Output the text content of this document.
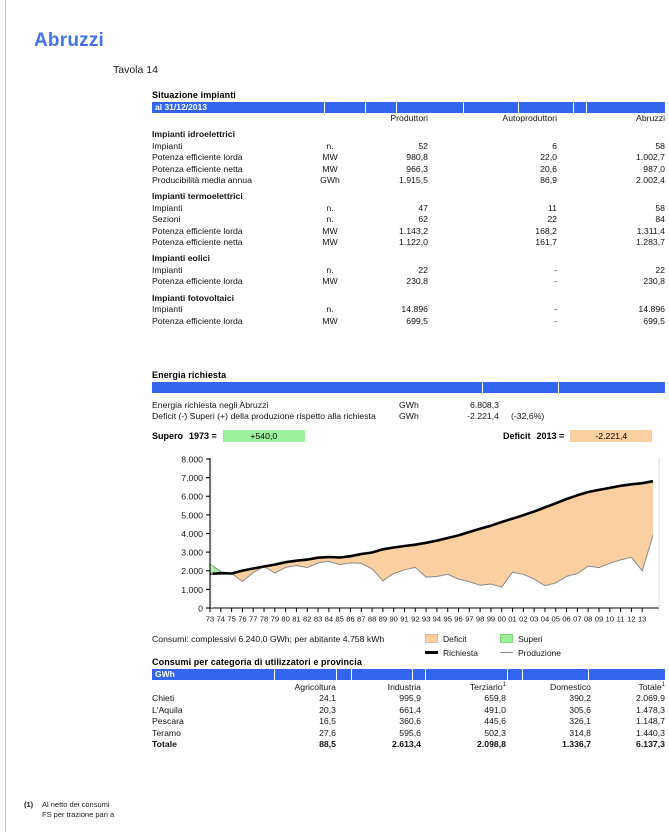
Abruzzi
Tavola 14
Situazione impianti
al 31/12/2013
		Produttori	Autoproduttori	Abruzzi
Impianti idroelettrici				
Impianti	n.	52	6	58
Potenza efficiente lorda	MW	980,8	22,0	1.002,7
Potenza efficiente netta	MW	966,3	20,6	987,0
Producibilità media annua	GWh	1.915,5	86,9	2.002,4
Impianti termoelettrici				
Impianti	n.	47	11	58
Sezioni	n.	62	22	84
Potenza efficiente lorda	MW	1.143,2	168,2	1.311,4
Potenza efficiente netta	MW	1.122,0	161,7	1.283,7
Impianti eolici				
Impianti	n.	22	-	22
Potenza efficiente lorda	MW	230,8	-	230,8
Impianti fotovoltaici				
Impianti	n.	14.896	-	14.896
Potenza efficiente lorda	MW	699,5	-	699,5
Energia richiesta
Energia richiesta negli Abruzzi	GWh	6.808,3
Deficit (-) Superi (+) della produzione rispetto alla richiesta	GWh	-2.221,4	(-32,6%)
Supero 1973 =	+540,0	Deficit 2013 =	-2.221,4
0
1.000
2.000
3.000
4.000
5.000
6.000
7.000
8.000
73 74 75 76 77 78 79 80 81 82 83 84 85 86 87 88 89 90 91 92 93 94 95 96 97 98 99 00 01 02 03 04 05 06 07 08 09 10 11 12 13
Consumi: complessivi 6.240,0 GWh; per abitante 4.758 kWh	Deficit	Superi
Richiesta	Produzione
Consumi per categoria di utilizzatori e provincia
GWh
	Agricoltura	Industria	Terziario$^1$	Domestico	Totale$^1$
Chieti	24,1	995,9	659,8	390,2	2.069,9
L'Aquila	20,3	661,4	491,0	305,6	1.478,3
Pescara	16,5	360,6	445,6	326,1	1.148,7
Teramo	27,6	595,6	502,3	314,8	1.440,3
Totale	88,5	2.613,4	2.098,8	1.336,7	6.137,3
(1)	Al netto dei consumi
FS per trazione pari a
